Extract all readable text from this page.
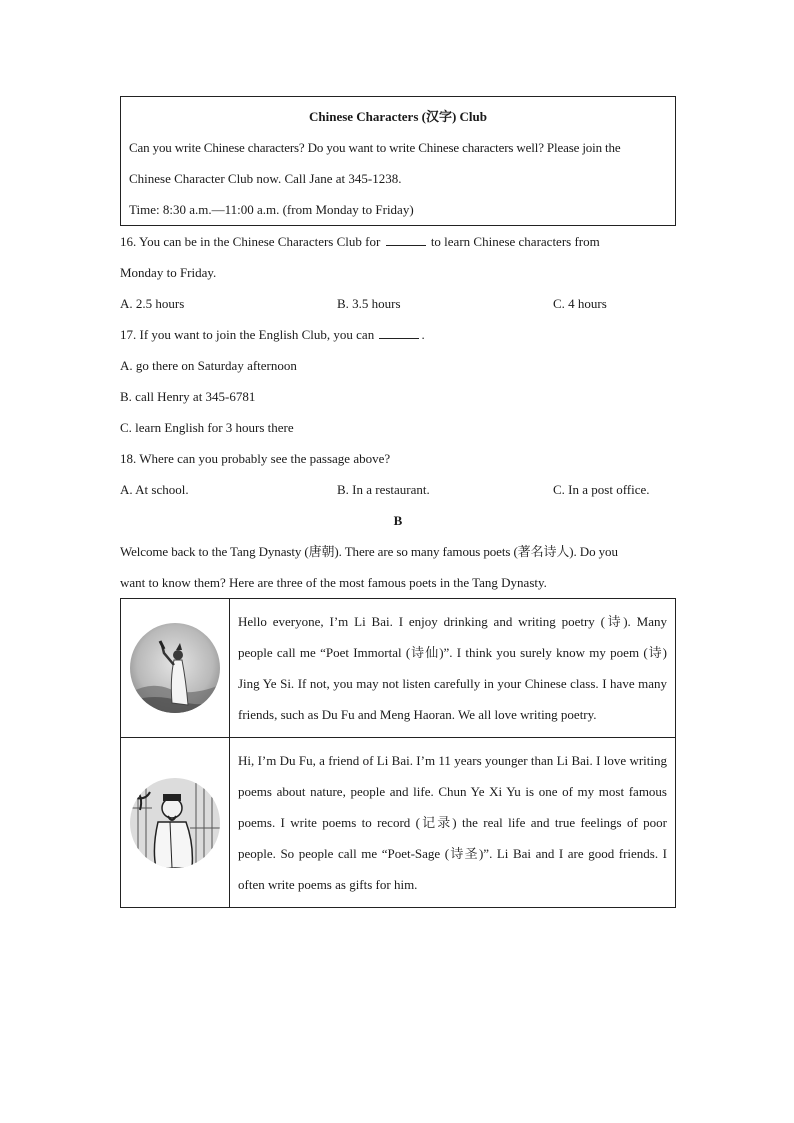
Chinese Characters (汉字) Club
Can you write Chinese characters? Do you want to write Chinese characters well? Please join the
Chinese Character Club now. Call Jane at 345-1238.
Time: 8:30 a.m.—11:00 a.m. (from Monday to Friday)
16. You can be in the Chinese Characters Club for	to learn Chinese characters from
Monday to Friday.
A. 2.5 hours	B. 3.5 hours	C. 4 hours
17. If you want to join the English Club, you can	.
A. go there on Saturday afternoon
B. call Henry at 345-6781
C. learn English for 3 hours there
18. Where can you probably see the passage above?
A. At school.	B. In a restaurant.	C. In a post office.
B
Welcome back to the Tang Dynasty (唐朝). There are so many famous poets (著名诗人). Do you
want to know them? Here are three of the most famous poets in the Tang Dynasty.
	Hello everyone, I’m Li Bai. I enjoy drinking and writing poetry (诗). Many people call me “Poet Immortal (诗仙)”. I think you surely know my poem (诗) Jing Ye Si. If not, you may not listen carefully in your Chinese class. I have many friends, such as Du Fu and Meng Haoran. We all love writing poetry.

	Hi, I’m Du Fu, a friend of Li Bai. I’m 11 years younger than Li Bai. I love writing poems about nature, people and life. Chun Ye Xi Yu is one of my most famous poems. I write poems to record (记录) the real life and true feelings of poor people. So people call me “Poet-Sage (诗圣)”. Li Bai and I are good friends. I often write poems as gifts for him.
